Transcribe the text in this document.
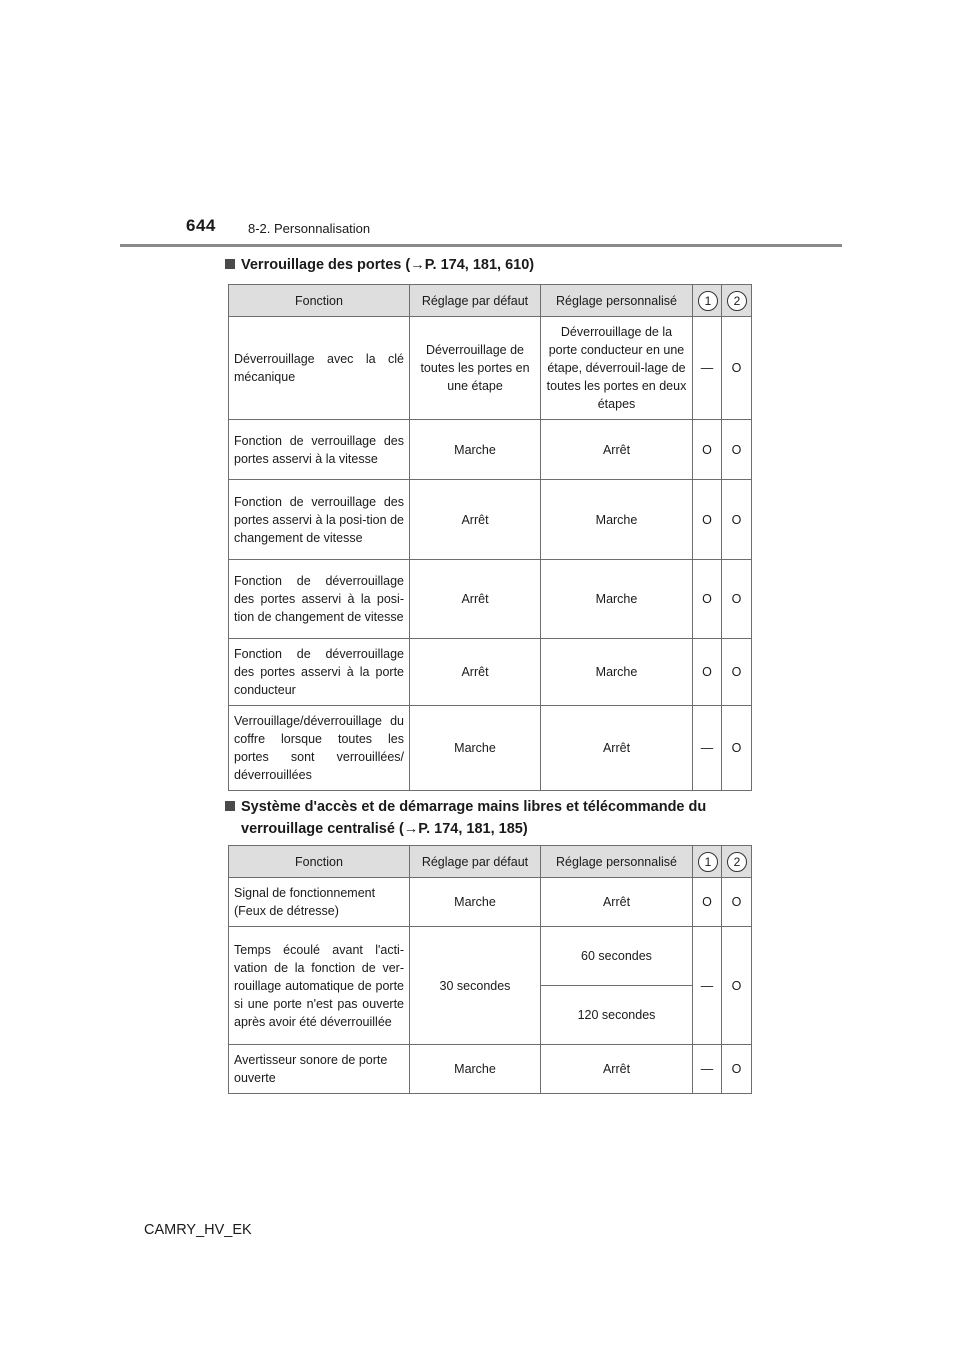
644 8-2. Personnalisation
Verrouillage des portes (→P. 174, 181, 610)
Fonction	Réglage par défaut	Réglage personnalisé	1	2
Déverrouillage avec la clé mécanique	Déverrouillage de toutes les portes en une étape	Déverrouillage de la porte conducteur en une étape, déverrouil-lage de toutes les portes en deux étapes	—	O
Fonction de verrouillage des portes asservi à la vitesse	Marche	Arrêt	O	O
Fonction de verrouillage des portes asservi à la posi-tion de changement de vitesse	Arrêt	Marche	O	O
Fonction de déverrouillage des portes asservi à la posi-tion de changement de vitesse	Arrêt	Marche	O	O
Fonction de déverrouillage des portes asservi à la porte conducteur	Arrêt	Marche	O	O
Verrouillage/déverrouillage du coffre lorsque toutes les portes sont verrouillées/ déverrouillées	Marche	Arrêt	—	O
Système d'accès et de démarrage mains libres et télécommande du
verrouillage centralisé (→P. 174, 181, 185)
Fonction	Réglage par défaut	Réglage personnalisé	1	2
Signal de fonctionnement (Feux de détresse)	Marche	Arrêt	O	O
Temps écoulé avant l'acti-vation de la fonction de ver-rouillage automatique de porte si une porte n'est pas ouverte après avoir été déverrouillée	30 secondes	60 secondes	—	O
		120 secondes		
Avertisseur sonore de porte ouverte	Marche	Arrêt	—	O
CAMRY_HV_EK
